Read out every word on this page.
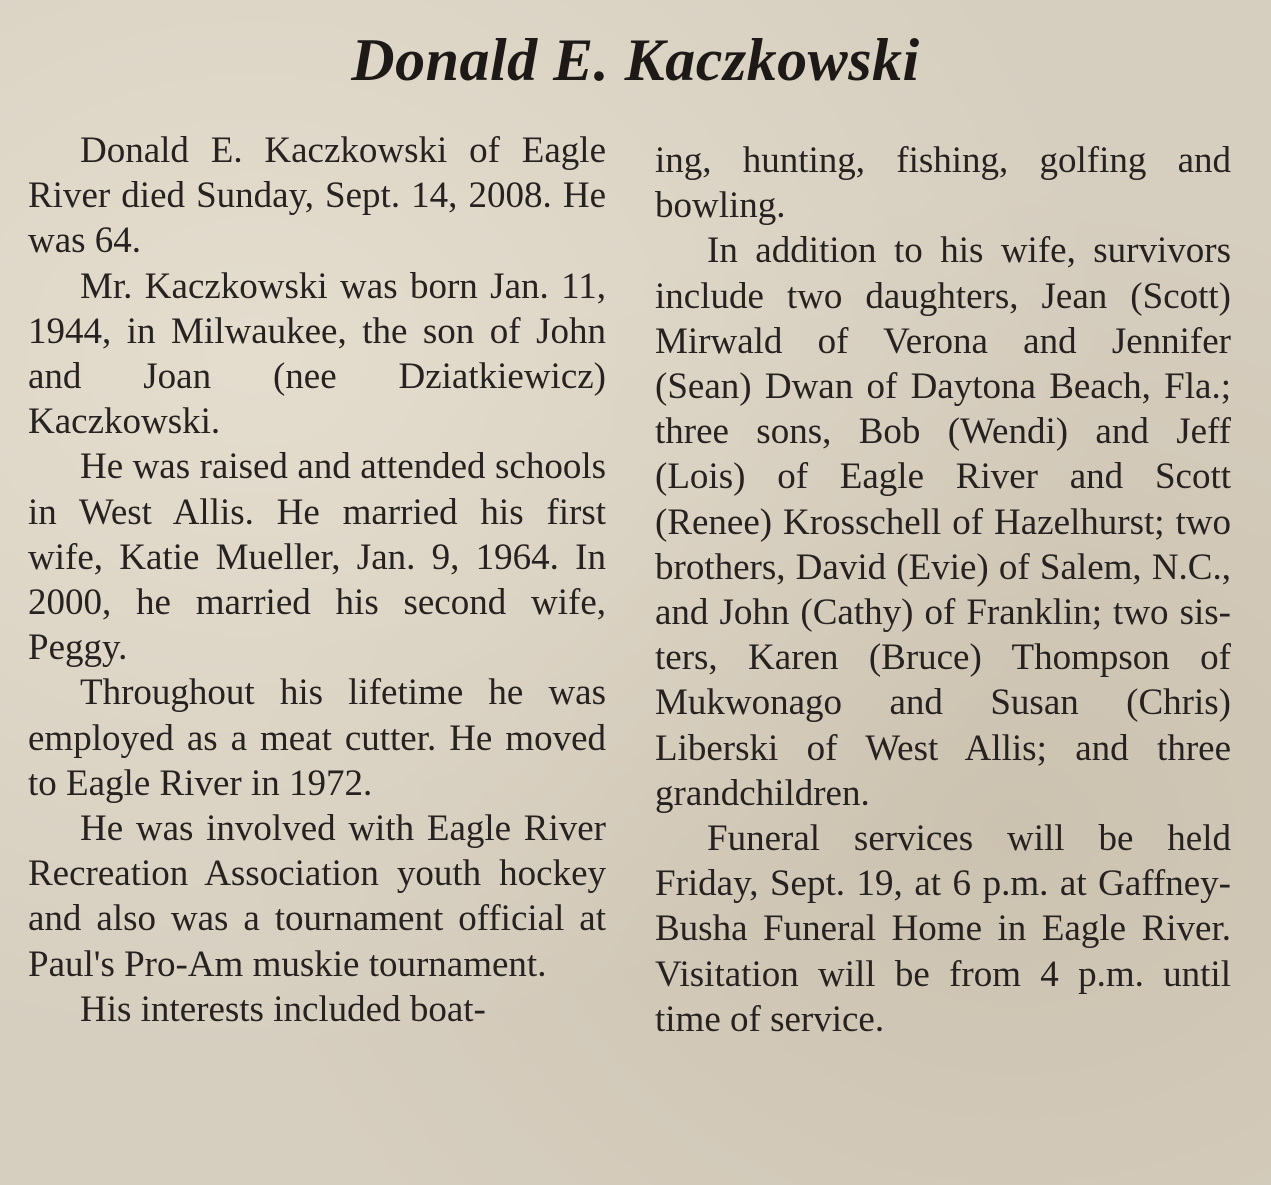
Donald E. Kaczkowski

Donald E. Kaczkowski of Eagle River died Sunday, Sept. 14, 2008. He was 64.

Mr. Kaczkowski was born Jan. 11, 1944, in Milwaukee, the son of John and Joan (nee Dziatkiewicz) Kaczkowski.

He was raised and attended schools in West Allis. He married his first wife, Katie Mueller, Jan. 9, 1964. In 2000, he married his second wife, Peggy.

Throughout his lifetime he was employed as a meat cutter. He moved to Eagle River in 1972.

He was involved with Eagle River Recreation Association youth hockey and also was a tournament official at Paul's Pro-Am muskie tournament.

His interests included boat-

ing, hunting, fishing, golfing and bowling.

In addition to his wife, survivors include two daughters, Jean (Scott) Mirwald of Verona and Jennifer (Sean) Dwan of Daytona Beach, Fla.; three sons, Bob (Wendi) and Jeff (Lois) of Eagle River and Scott (Renee) Krosschell of Hazelhurst; two brothers, David (Evie) of Salem, N.C., and John (Cathy) of Franklin; two sisters, Karen (Bruce) Thompson of Mukwonago and Susan (Chris) Liberski of West Allis; and three grandchildren.

Funeral services will be held Friday, Sept. 19, at 6 p.m. at Gaffney-Busha Funeral Home in Eagle River. Visitation will be from 4 p.m. until time of service.
